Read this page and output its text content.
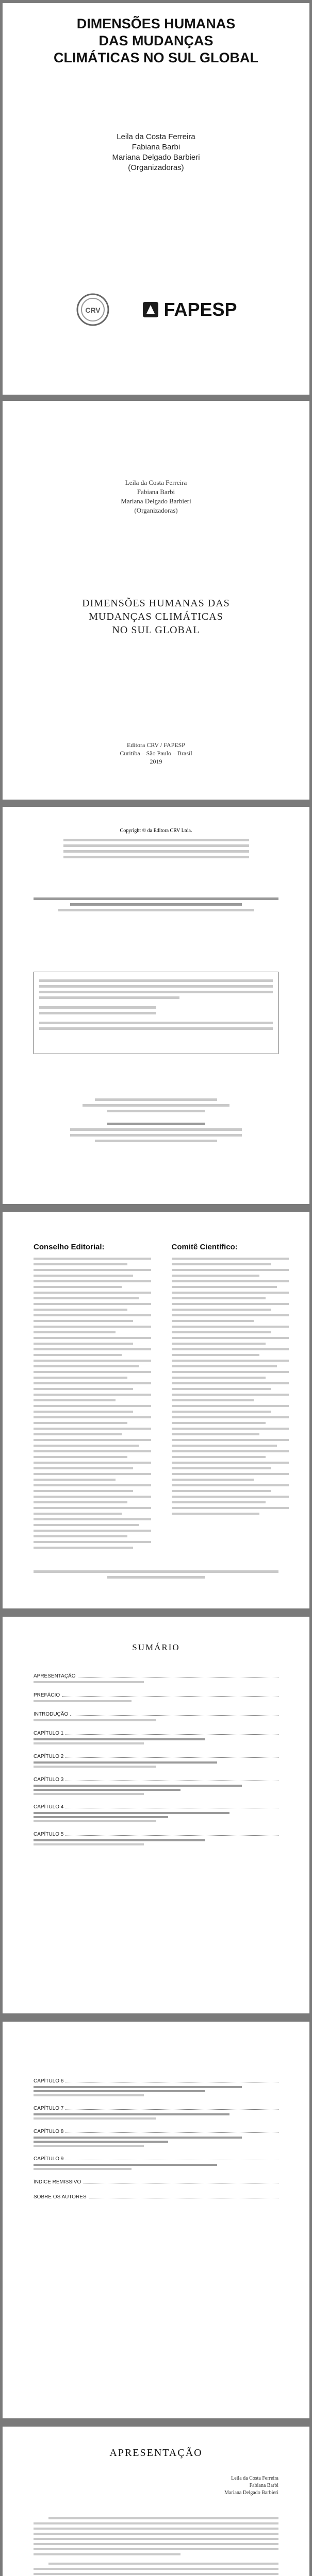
DIMENSÕES HUMANAS
DAS MUDANÇAS
CLIMÁTICAS NO SUL GLOBAL
Leila da Costa Ferreira
Fabiana Barbi
Mariana Delgado Barbieri
(Organizadoras)
CRV	FAPESP
Leila da Costa Ferreira
Fabiana Barbi
Mariana Delgado Barbieri
(Organizadoras)
DIMENSÕES HUMANAS DAS
MUDANÇAS CLIMÁTICAS
NO SUL GLOBAL
Editora CRV / FAPESP
Curitiba – São Paulo – Brasil
2019
Copyright © da Editora CRV Ltda.
Conselho Editorial:	Comitê Científico:
SUMÁRIO
APRESENTAÇÃO
PREFÁCIO
INTRODUÇÃO
CAPÍTULO 1
CAPÍTULO 2
CAPÍTULO 3
CAPÍTULO 4
CAPÍTULO 5
CAPÍTULO 6
CAPÍTULO 7
CAPÍTULO 8
CAPÍTULO 9
ÍNDICE REMISSIVO
SOBRE OS AUTORES
APRESENTAÇÃO
Leila da Costa Ferreira
Fabiana Barbi
Mariana Delgado Barbieri
